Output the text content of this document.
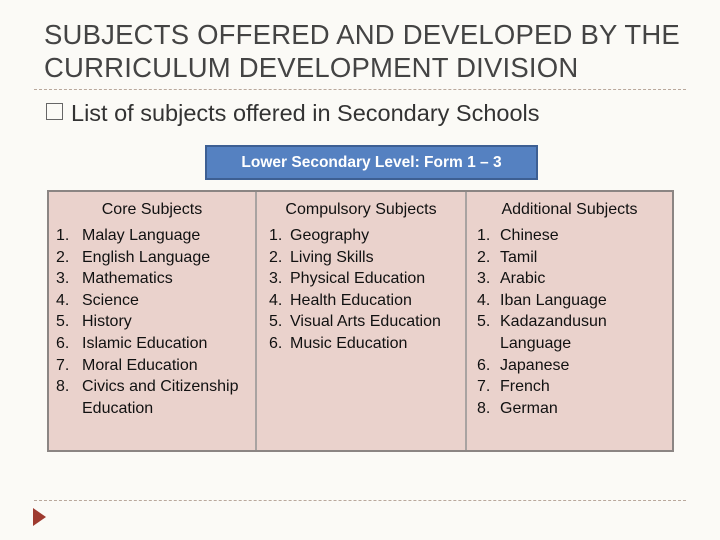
SUBJECTS OFFERED AND DEVELOPED BY THE CURRICULUM DEVELOPMENT DIVISION
List of subjects offered in Secondary Schools
Lower Secondary Level: Form 1 – 3
Core Subjects
1. Malay Language
2. English Language
3. Mathematics
4. Science
5. History
6. Islamic Education
7. Moral Education
8. Civics and Citizenship Education
Compulsory Subjects
1. Geography
2. Living Skills
3. Physical Education
4. Health Education
5. Visual Arts Education
6. Music Education
Additional Subjects
1. Chinese
2. Tamil
3. Arabic
4. Iban Language
5. Kadazandusun Language
6. Japanese
7. French
8. German
